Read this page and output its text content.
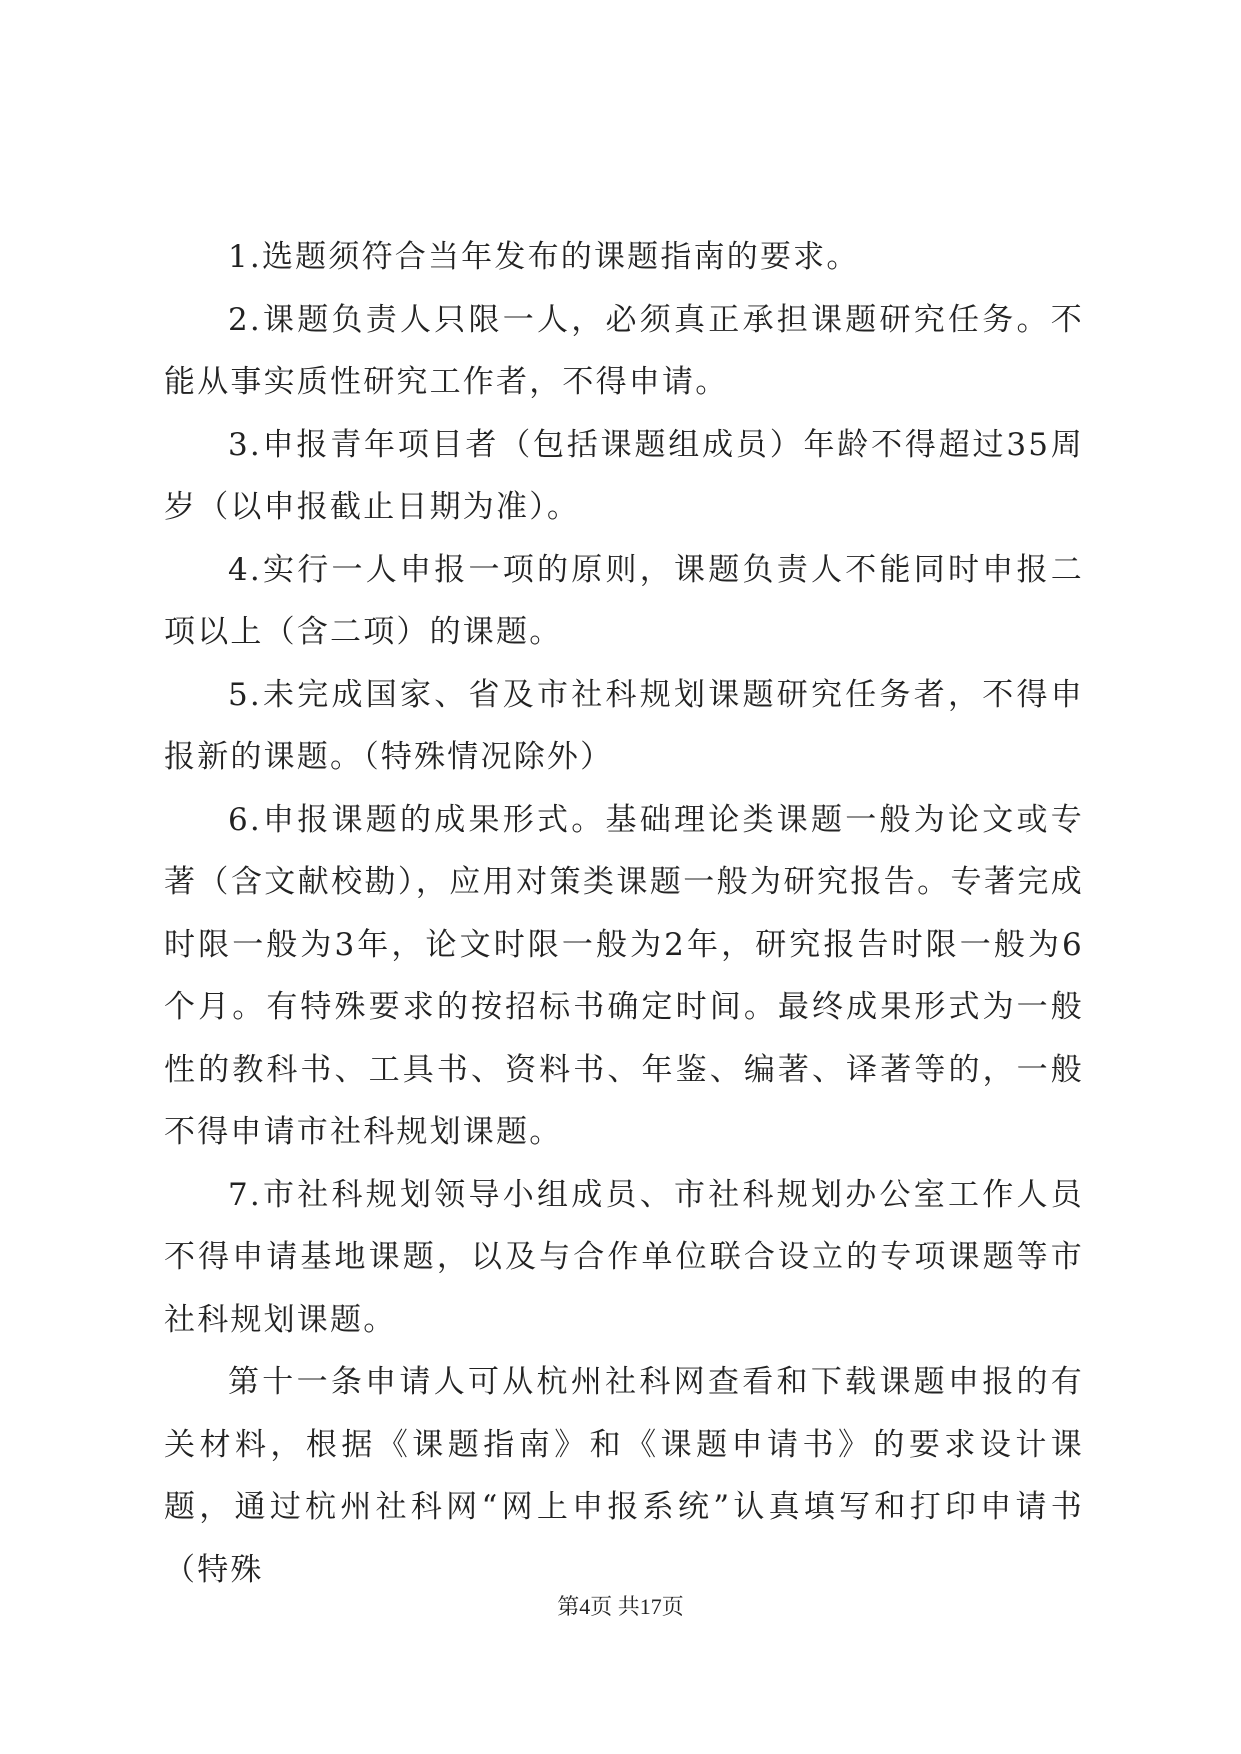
1.选题须符合当年发布的课题指南的要求。

2.课题负责人只限一人，必须真正承担课题研究任务。不能从事实质性研究工作者，不得申请。

3.申报青年项目者（包括课题组成员）年龄不得超过35周岁（以申报截止日期为准）。

4.实行一人申报一项的原则，课题负责人不能同时申报二项以上（含二项）的课题。

5.未完成国家、省及市社科规划课题研究任务者，不得申报新的课题。（特殊情况除外）

6.申报课题的成果形式。基础理论类课题一般为论文或专著（含文献校勘），应用对策类课题一般为研究报告。专著完成时限一般为3年，论文时限一般为2年，研究报告时限一般为6个月。有特殊要求的按招标书确定时间。最终成果形式为一般性的教科书、工具书、资料书、年鉴、编著、译著等的，一般不得申请市社科规划课题。

7.市社科规划领导小组成员、市社科规划办公室工作人员不得申请基地课题，以及与合作单位联合设立的专项课题等市社科规划课题。

第十一条申请人可从杭州社科网查看和下载课题申报的有关材料，根据《课题指南》和《课题申请书》的要求设计课题，通过杭州社科网“网上申报系统”认真填写和打印申请书（特殊

第4页 共17页
